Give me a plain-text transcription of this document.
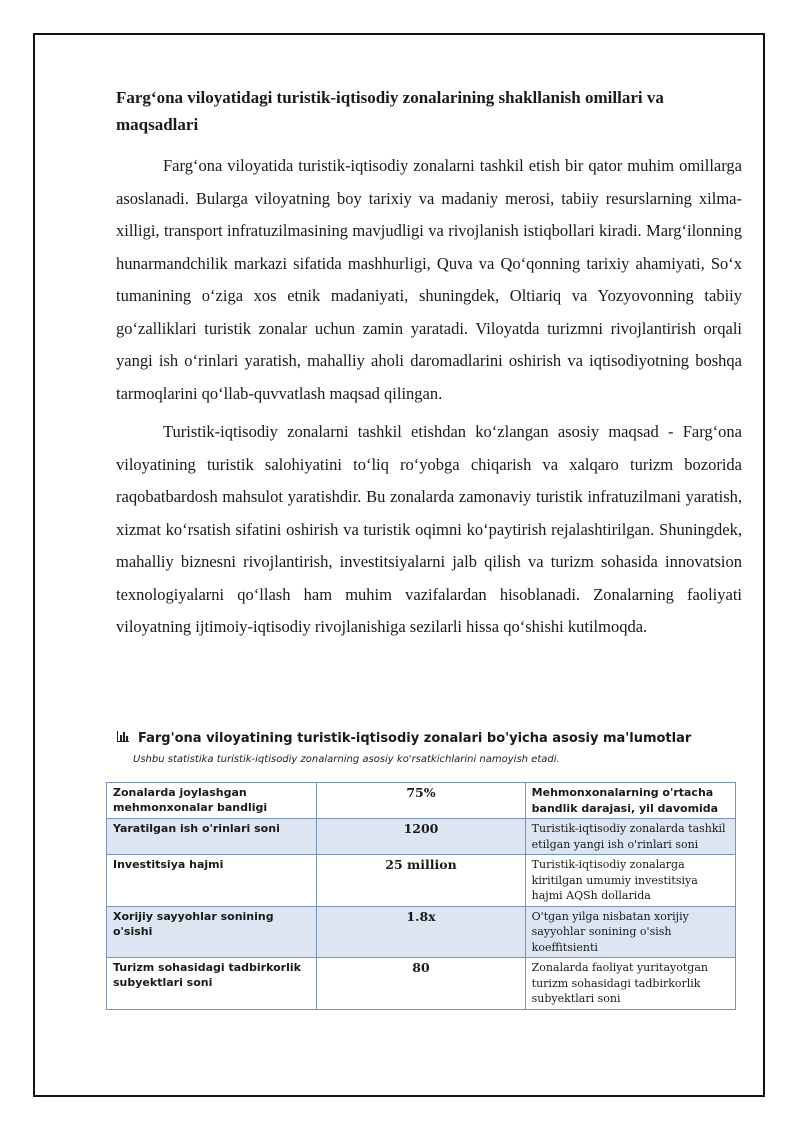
Farg‘ona viloyatidagi turistik-iqtisodiy zonalarining shakllanish omillari va maqsadlari

Farg‘ona viloyatida turistik-iqtisodiy zonalarni tashkil etish bir qator muhim omillarga asoslanadi. Bularga viloyatning boy tarixiy va madaniy merosi, tabiiy resurslarning xilma-xilligi, transport infratuzilmasining mavjudligi va rivojlanish istiqbollari kiradi. Marg‘ilonning hunarmandchilik markazi sifatida mashhurligi, Quva va Qo‘qonning tarixiy ahamiyati, So‘x tumanining o‘ziga xos etnik madaniyati, shuningdek, Oltiariq va Yozyovonning tabiiy go‘zalliklari turistik zonalar uchun zamin yaratadi. Viloyatda turizmni rivojlantirish orqali yangi ish o‘rinlari yaratish, mahalliy aholi daromadlarini oshirish va iqtisodiyotning boshqa tarmoqlarini qo‘llab-quvvatlash maqsad qilingan.

Turistik-iqtisodiy zonalarni tashkil etishdan ko‘zlangan asosiy maqsad - Farg‘ona viloyatining turistik salohiyatini to‘liq ro‘yobga chiqarish va xalqaro turizm bozorida raqobatbardosh mahsulot yaratishdir. Bu zonalarda zamonaviy turistik infratuzilmani yaratish, xizmat ko‘rsatish sifatini oshirish va turistik oqimni ko‘paytirish rejalashtirilgan. Shuningdek, mahalliy biznesni rivojlantirish, investitsiyalarni jalb qilish va turizm sohasida innovatsion texnologiyalarni qo‘llash ham muhim vazifalardan hisoblanadi. Zonalarning faoliyati viloyatning ijtimoiy-iqtisodiy rivojlanishiga sezilarli hissa qo‘shishi kutilmoqda.

Farg'ona viloyatining turistik-iqtisodiy zonalari bo'yicha asosiy ma'lumotlar
Ushbu statistika turistik-iqtisodiy zonalarning asosiy ko'rsatkichlarini namoyish etadi.
Zonalarda joylashgan mehmonxonalar bandligi	75%	Mehmonxonalarning o'rtacha bandlik darajasi, yil davomida
Yaratilgan ish o'rinlari soni	1200	Turistik-iqtisodiy zonalarda tashkil etilgan yangi ish o'rinlari soni
Investitsiya hajmi	25 million	Turistik-iqtisodiy zonalarga kiritilgan umumiy investitsiya hajmi AQSh dollarida
Xorijiy sayyohlar sonining o'sishi	1.8x	O'tgan yilga nisbatan xorijiy sayyohlar sonining o'sish koeffitsienti
Turizm sohasidagi tadbirkorlik subyektlari soni	80	Zonalarda faoliyat yuritayotgan turizm sohasidagi tadbirkorlik subyektlari soni
